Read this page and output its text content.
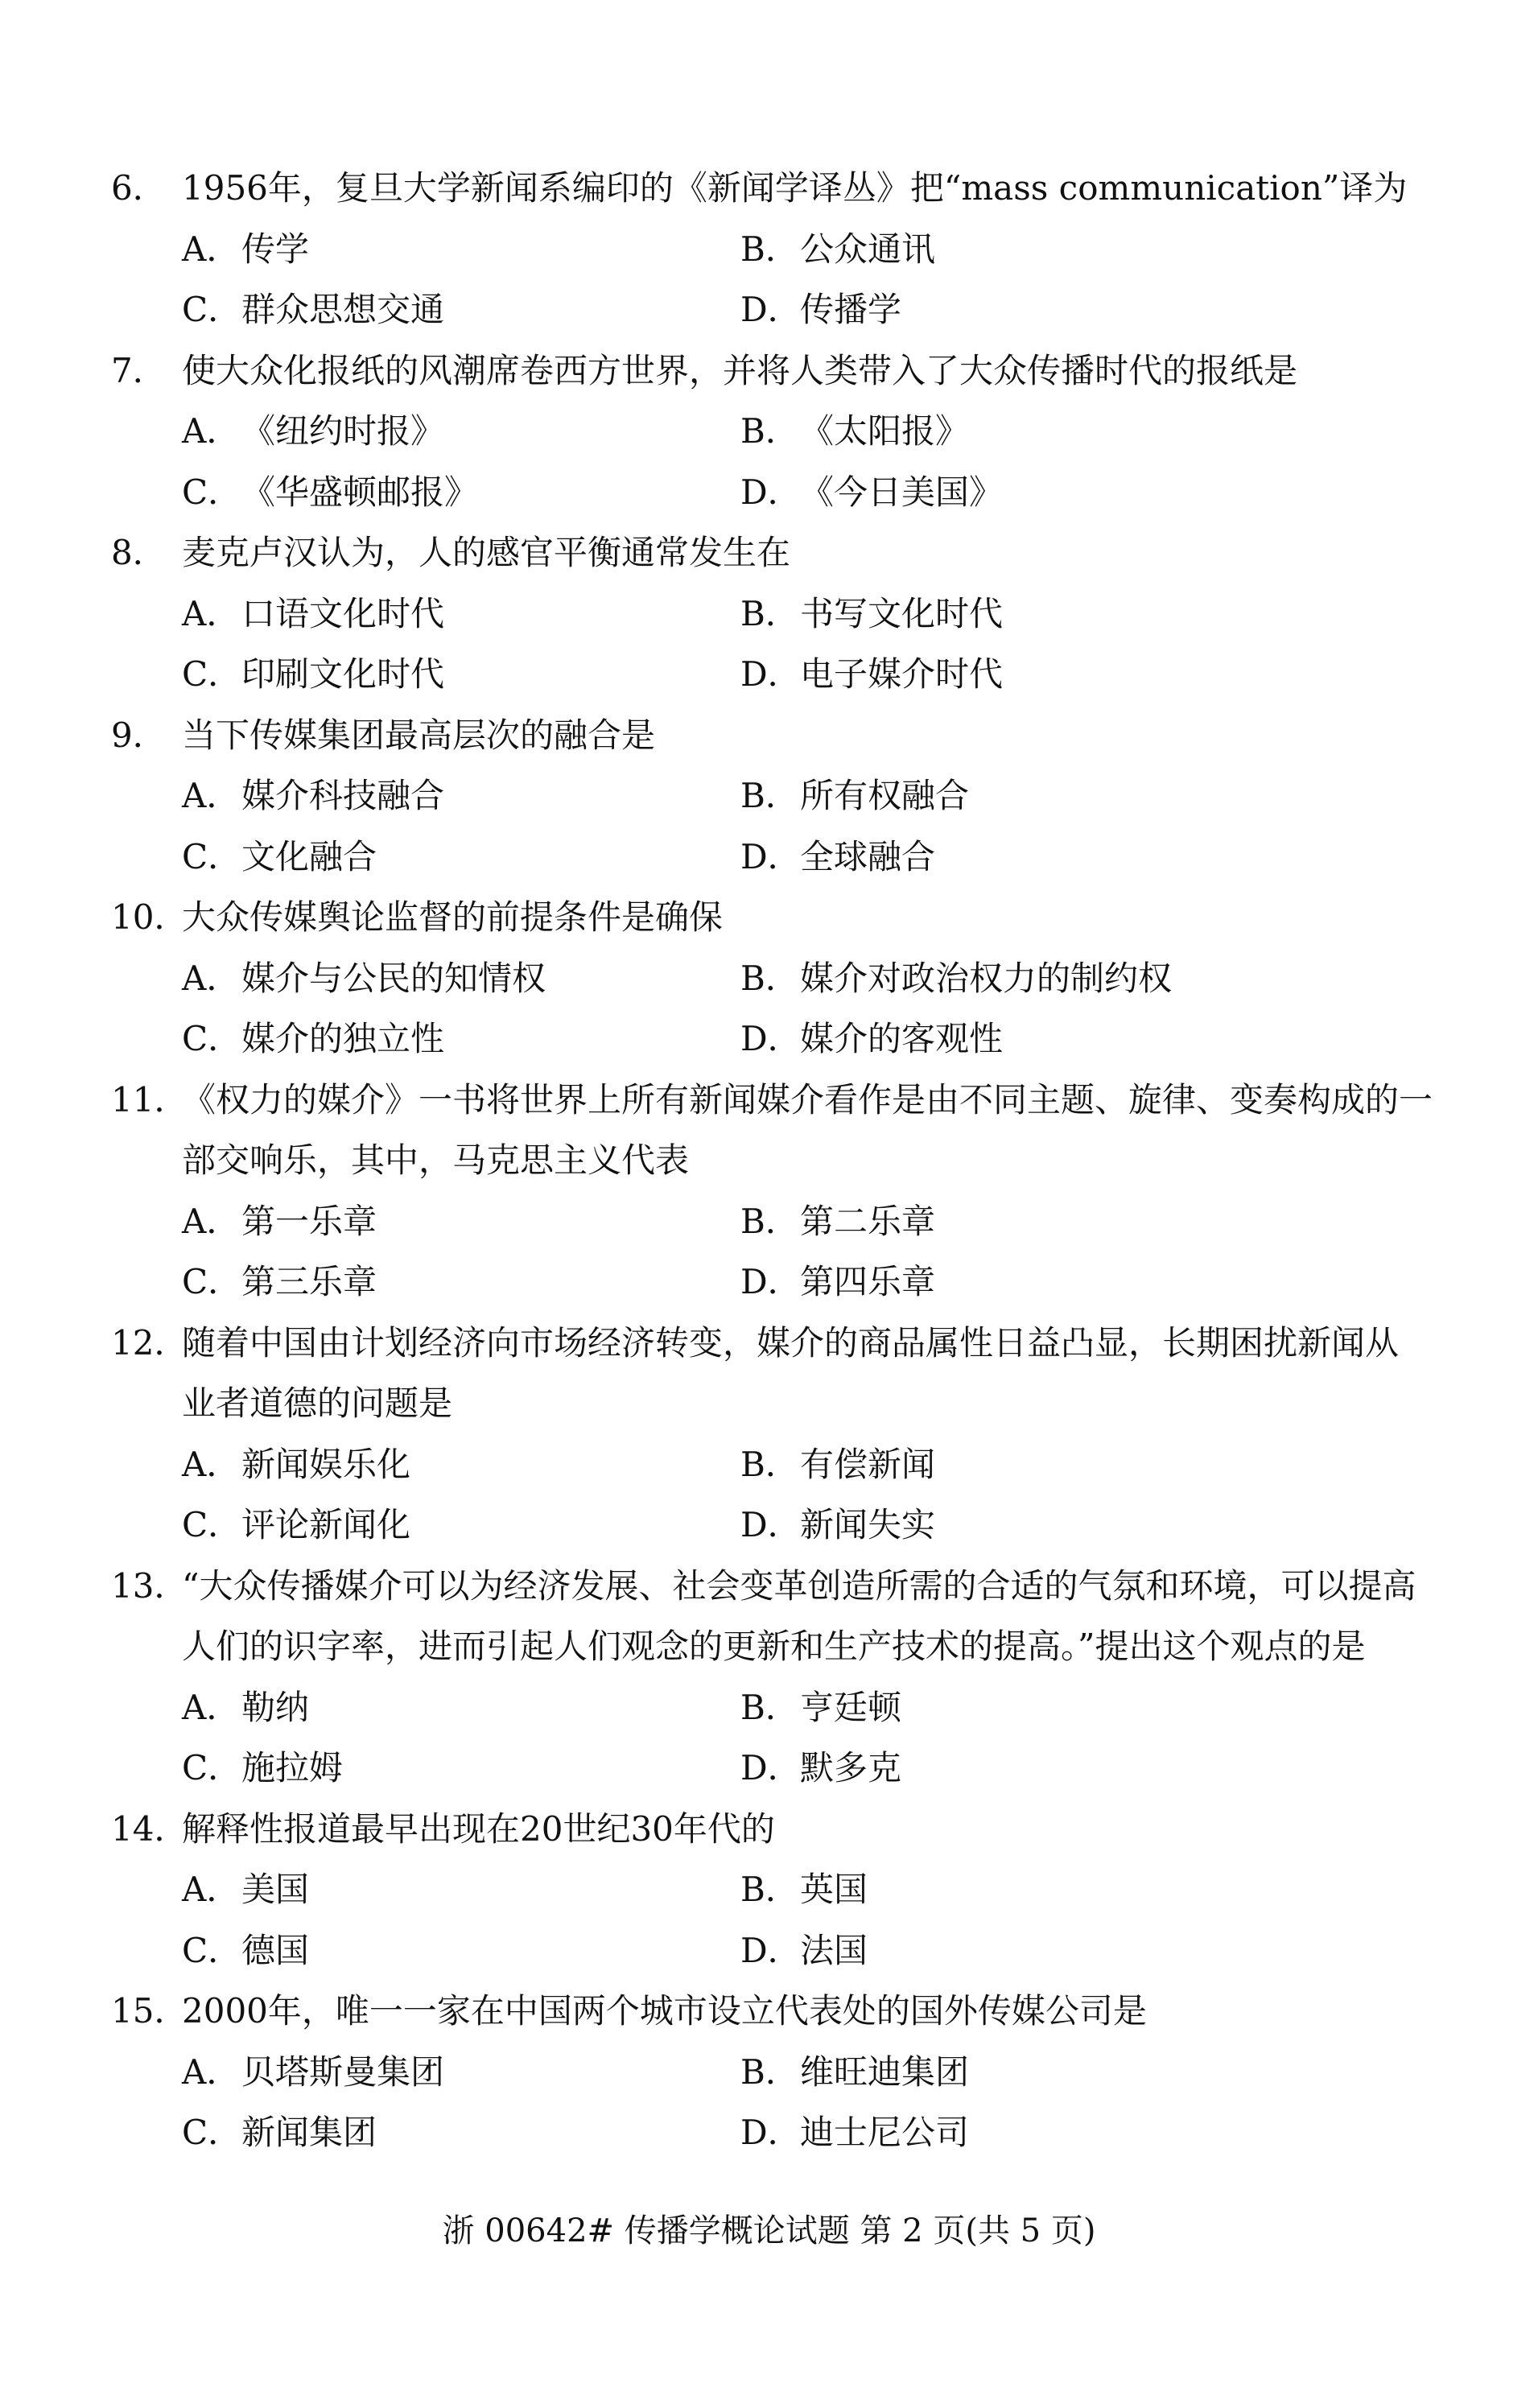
6． 1956年，复旦大学新闻系编印的《新闻学译丛》把“mass communication”译为
A．传学	B．公众通讯
C．群众思想交通	D．传播学
7． 使大众化报纸的风潮席卷西方世界，并将人类带入了大众传播时代的报纸是
A．《纽约时报》	B．《太阳报》
C．《华盛顿邮报》	D．《今日美国》
8． 麦克卢汉认为，人的感官平衡通常发生在
A．口语文化时代	B．书写文化时代
C．印刷文化时代	D．电子媒介时代
9． 当下传媒集团最高层次的融合是
A．媒介科技融合	B．所有权融合
C．文化融合	D．全球融合
10．
大众传媒舆论监督的前提条件是确保
A．媒介与公民的知情权	B．媒介对政治权力的制约权
C．媒介的独立性	D．媒介的客观性
11．
《权力的媒介》一书将世界上所有新闻媒介看作是由不同主题、旋律、变奏构成的一
部交响乐，其中，马克思主义代表
A．第一乐章	B．第二乐章
C．第三乐章	D．第四乐章
12．
随着中国由计划经济向市场经济转变，媒介的商品属性日益凸显，长期困扰新闻从
业者道德的问题是
A．新闻娱乐化	B．有偿新闻
C．评论新闻化	D．新闻失实
13．
“大众传播媒介可以为经济发展、社会变革创造所需的合适的气氛和环境，可以提高
人们的识字率，进而引起人们观念的更新和生产技术的提高。”提出这个观点的是
A．勒纳	B．亨廷顿
C．施拉姆	D．默多克
14．
解释性报道最早出现在20世纪30年代的
A．美国	B．英国
C．德国	D．法国
15．
2000年，唯一一家在中国两个城市设立代表处的国外传媒公司是
A．贝塔斯曼集团	B．维旺迪集团
C．新闻集团	D．迪士尼公司
浙 00642# 传播学概论试题 第 2 页(共 5 页)
